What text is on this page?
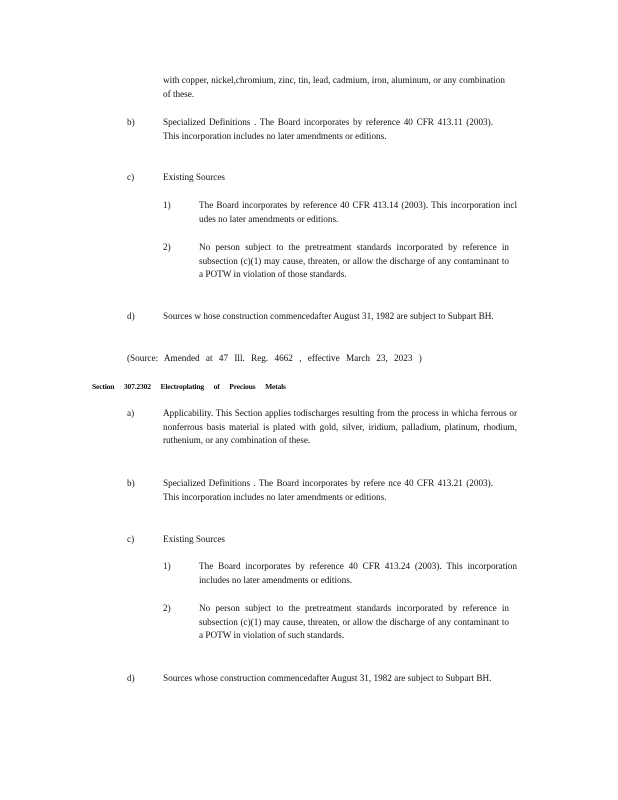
with copper, nickel,chromium, zinc, tin, lead, cadmium, iron, aluminum, or any combination of these.
b)	Specialized Definitions . The Board incorporates by reference 40 CFR 413.11 (2003). This incorporation includes no later amendments or editions.
c)	Existing Sources
1)	The Board incorporates by reference 40 CFR 413.14 (2003). This incorporation incl udes no later amendments or editions.
2)	No person subject to the pretreatment standards incorporated by reference in subsection (c)(1) may cause, threaten, or allow the discharge of any contaminant to a POTW in violation of those standards.
d)	Sources w hose construction commencedafter August 31, 1982 are subject to Subpart BH.
(Source: Amended at 47 Ill. Reg. 4662 , effective March 23, 2023 )
Section 307.2302 Electroplating of Precious Metals
a)	Applicability. This Section applies todischarges resulting from the process in whicha ferrous or nonferrous basis material is plated with gold, silver, iridium, palladium, platinum, rhodium, ruthenium, or any combination of these.
b)	Specialized Definitions . The Board incorporates by refere nce 40 CFR 413.21 (2003). This incorporation includes no later amendments or editions.
c)	Existing Sources
1)	The Board incorporates by reference 40 CFR 413.24 (2003). This incorporation includes no later amendments or editions.
2)	No person subject to the pretreatment standards incorporated by reference in subsection (c)(1) may cause, threaten, or allow the discharge of any contaminant to a POTW in violation of such standards.
d)	Sources whose construction commencedafter August 31, 1982 are subject to Subpart BH.
